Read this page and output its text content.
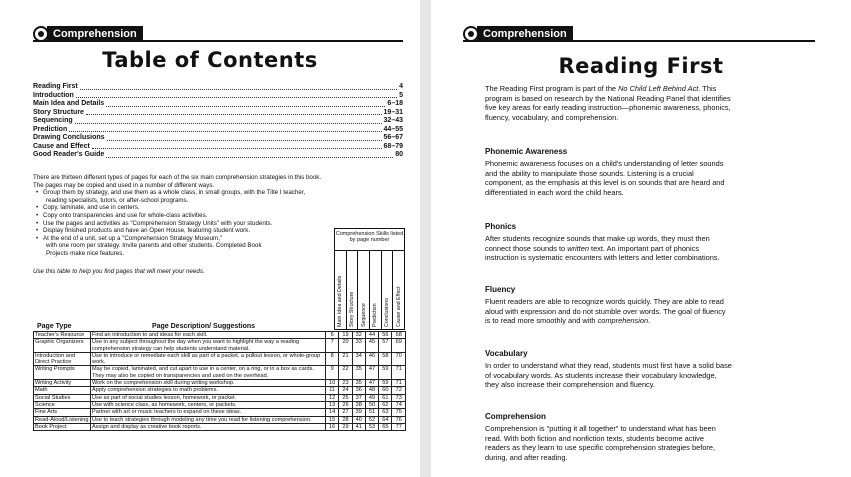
Comprehension
Table of Contents
Reading First	4
Introduction	5
Main Idea and Details	6–18
Story Structure	19–31
Sequencing	32–43
Prediction	44–55
Drawing Conclusions	56–67
Cause and Effect	68–79
Good Reader's Guide	80
There are thirteen different types of pages for each of the six main comprehension strategies in this book.
The pages may be copied and used in a number of different ways.
• Group them by strategy, and use them as a whole class, in small groups, with the Title I teacher,
reading specialists, tutors, or after-school programs.
• Copy, laminate, and use in centers.
• Copy onto transparencies and use for whole-class activities.
• Use the pages and activities as "Comprehension Strategy Units" with your students.
• Display finished products and have an Open House, featuring student work.
• At the end of a unit, set up a "Comprehension Strategy Museum,"
with one room per strategy. Invite parents and other students. Completed Book
Projects make nice features.
Use this table to help you find pages that will meet your needs.
Comprehension Skills listed by page number
Main Idea and Details Story Structure Sequence Prediction Conclusions Cause and Effect
Page Type	Page Description/ Suggestions
Teacher's Resource	Find an introduction to and ideas for each skill.	6	19	32	44	56	68
Graphic Organizers	Use in any subject throughout the day when you want to highlight the way a reading comprehension strategy can help students understand material.	7	20	33	45	57	69
Introduction and Direct Practice	Use to introduce or remediate each skill as part of a packet, a pullout lesson, or whole-group work.	8	21	34	46	58	70
Writing Prompts	May be copied, laminated, and cut apart to use in a center, on a ring, or in a box as cards. They may also be copied on transparencies and used on the overhead.	9	22	35	47	59	71
Writing Activity	Work on the comprehension skill during writing workshop.	10	23	35	47	59	71
Math	Apply comprehension strategies to math problems.	11	24	36	48	60	72
Social Studies	Use as part of social studies lesson, homework, or packet.	12	25	37	49	61	73
Science	Use with science class, as homework, centers, or packets.	13	26	38	50	62	74
Fine Arts	Partner with art or music teachers to expand on these ideas.	14	27	39	51	63	75
Read-Aloud/Listening	Use to teach strategies through modeling any time you read for listening comprehension.	15	28	40	52	64	76
Book Project	Assign and display as creative book reports.	16	29	41	53	65	77
Comprehension
Reading First
The Reading First program is part of the No Child Left Behind Act. This
program is based on research by the National Reading Panel that identifies
five key areas for early reading instruction—phonemic awareness, phonics,
fluency, vocabulary, and comprehension.
Phonemic Awareness
Phonemic awareness focuses on a child's understanding of letter sounds
and the ability to manipulate those sounds. Listening is a crucial
component, as the emphasis at this level is on sounds that are heard and
differentiated in each word the child hears.
Phonics
After students recognize sounds that make up words, they must then
connect those sounds to written text. An important part of phonics
instruction is systematic encounters with letters and letter combinations.
Fluency
Fluent readers are able to recognize words quickly. They are able to read
aloud with expression and do not stumble over words. The goal of fluency
is to read more smoothly and with comprehension.
Vocabulary
In order to understand what they read, students must first have a solid base
of vocabulary words. As students increase their vocabulary knowledge,
they also increase their comprehension and fluency.
Comprehension
Comprehension is "putting it all together" to understand what has been
read. With both fiction and nonfiction texts, students become active
readers as they learn to use specific comprehension strategies before,
during, and after reading.
